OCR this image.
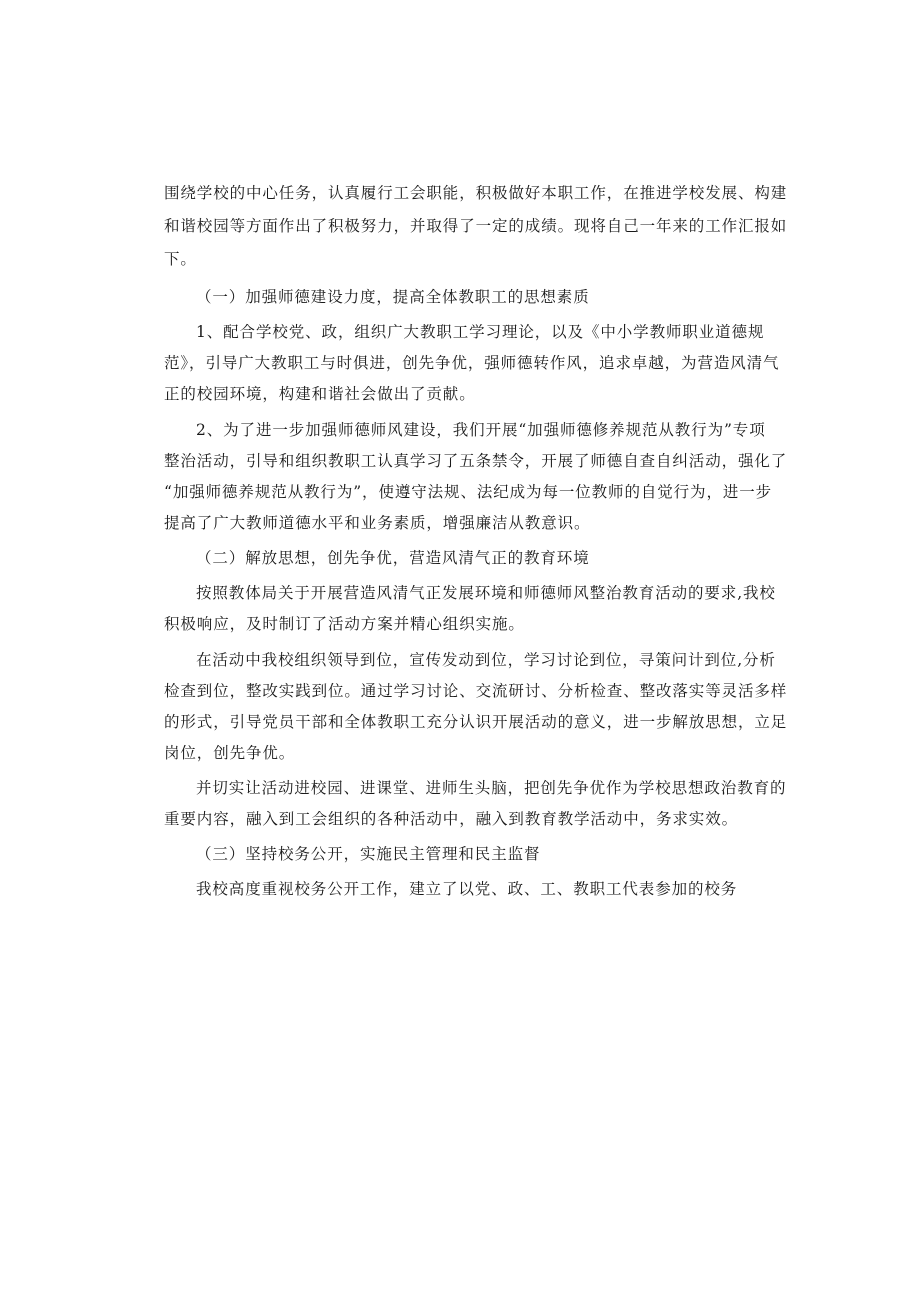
围绕学校的中心任务，认真履行工会职能，积极做好本职工作，在推进学校发展、构建
和谐校园等方面作出了积极努力，并取得了一定的成绩。现将自己一年来的工作汇报如
下。
（一）加强师德建设力度，提高全体教职工的思想素质
1、配合学校党、政，组织广大教职工学习理论，以及《中小学教师职业道德规
范》，引导广大教职工与时俱进，创先争优，强师德转作风，追求卓越，为营造风清气
正的校园环境，构建和谐社会做出了贡献。
2、为了进一步加强师德师风建设，我们开展“加强师德修养规范从教行为”专项
整治活动，引导和组织教职工认真学习了五条禁令，开展了师德自查自纠活动，强化了
“加强师德养规范从教行为”，使遵守法规、法纪成为每一位教师的自觉行为，进一步
提高了广大教师道德水平和业务素质，增强廉洁从教意识。
（二）解放思想，创先争优，营造风清气正的教育环境
按照教体局关于开展营造风清气正发展环境和师德师风整治教育活动的要求,我校
积极响应，及时制订了活动方案并精心组织实施。
在活动中我校组织领导到位，宣传发动到位，学习讨论到位，寻策问计到位,分析
检查到位，整改实践到位。通过学习讨论、交流研讨、分析检查、整改落实等灵活多样
的形式，引导党员干部和全体教职工充分认识开展活动的意义，进一步解放思想，立足
岗位，创先争优。
并切实让活动进校园、进课堂、进师生头脑，把创先争优作为学校思想政治教育的
重要内容，融入到工会组织的各种活动中，融入到教育教学活动中，务求实效。
（三）坚持校务公开，实施民主管理和民主监督
我校高度重视校务公开工作，建立了以党、政、工、教职工代表参加的校务
